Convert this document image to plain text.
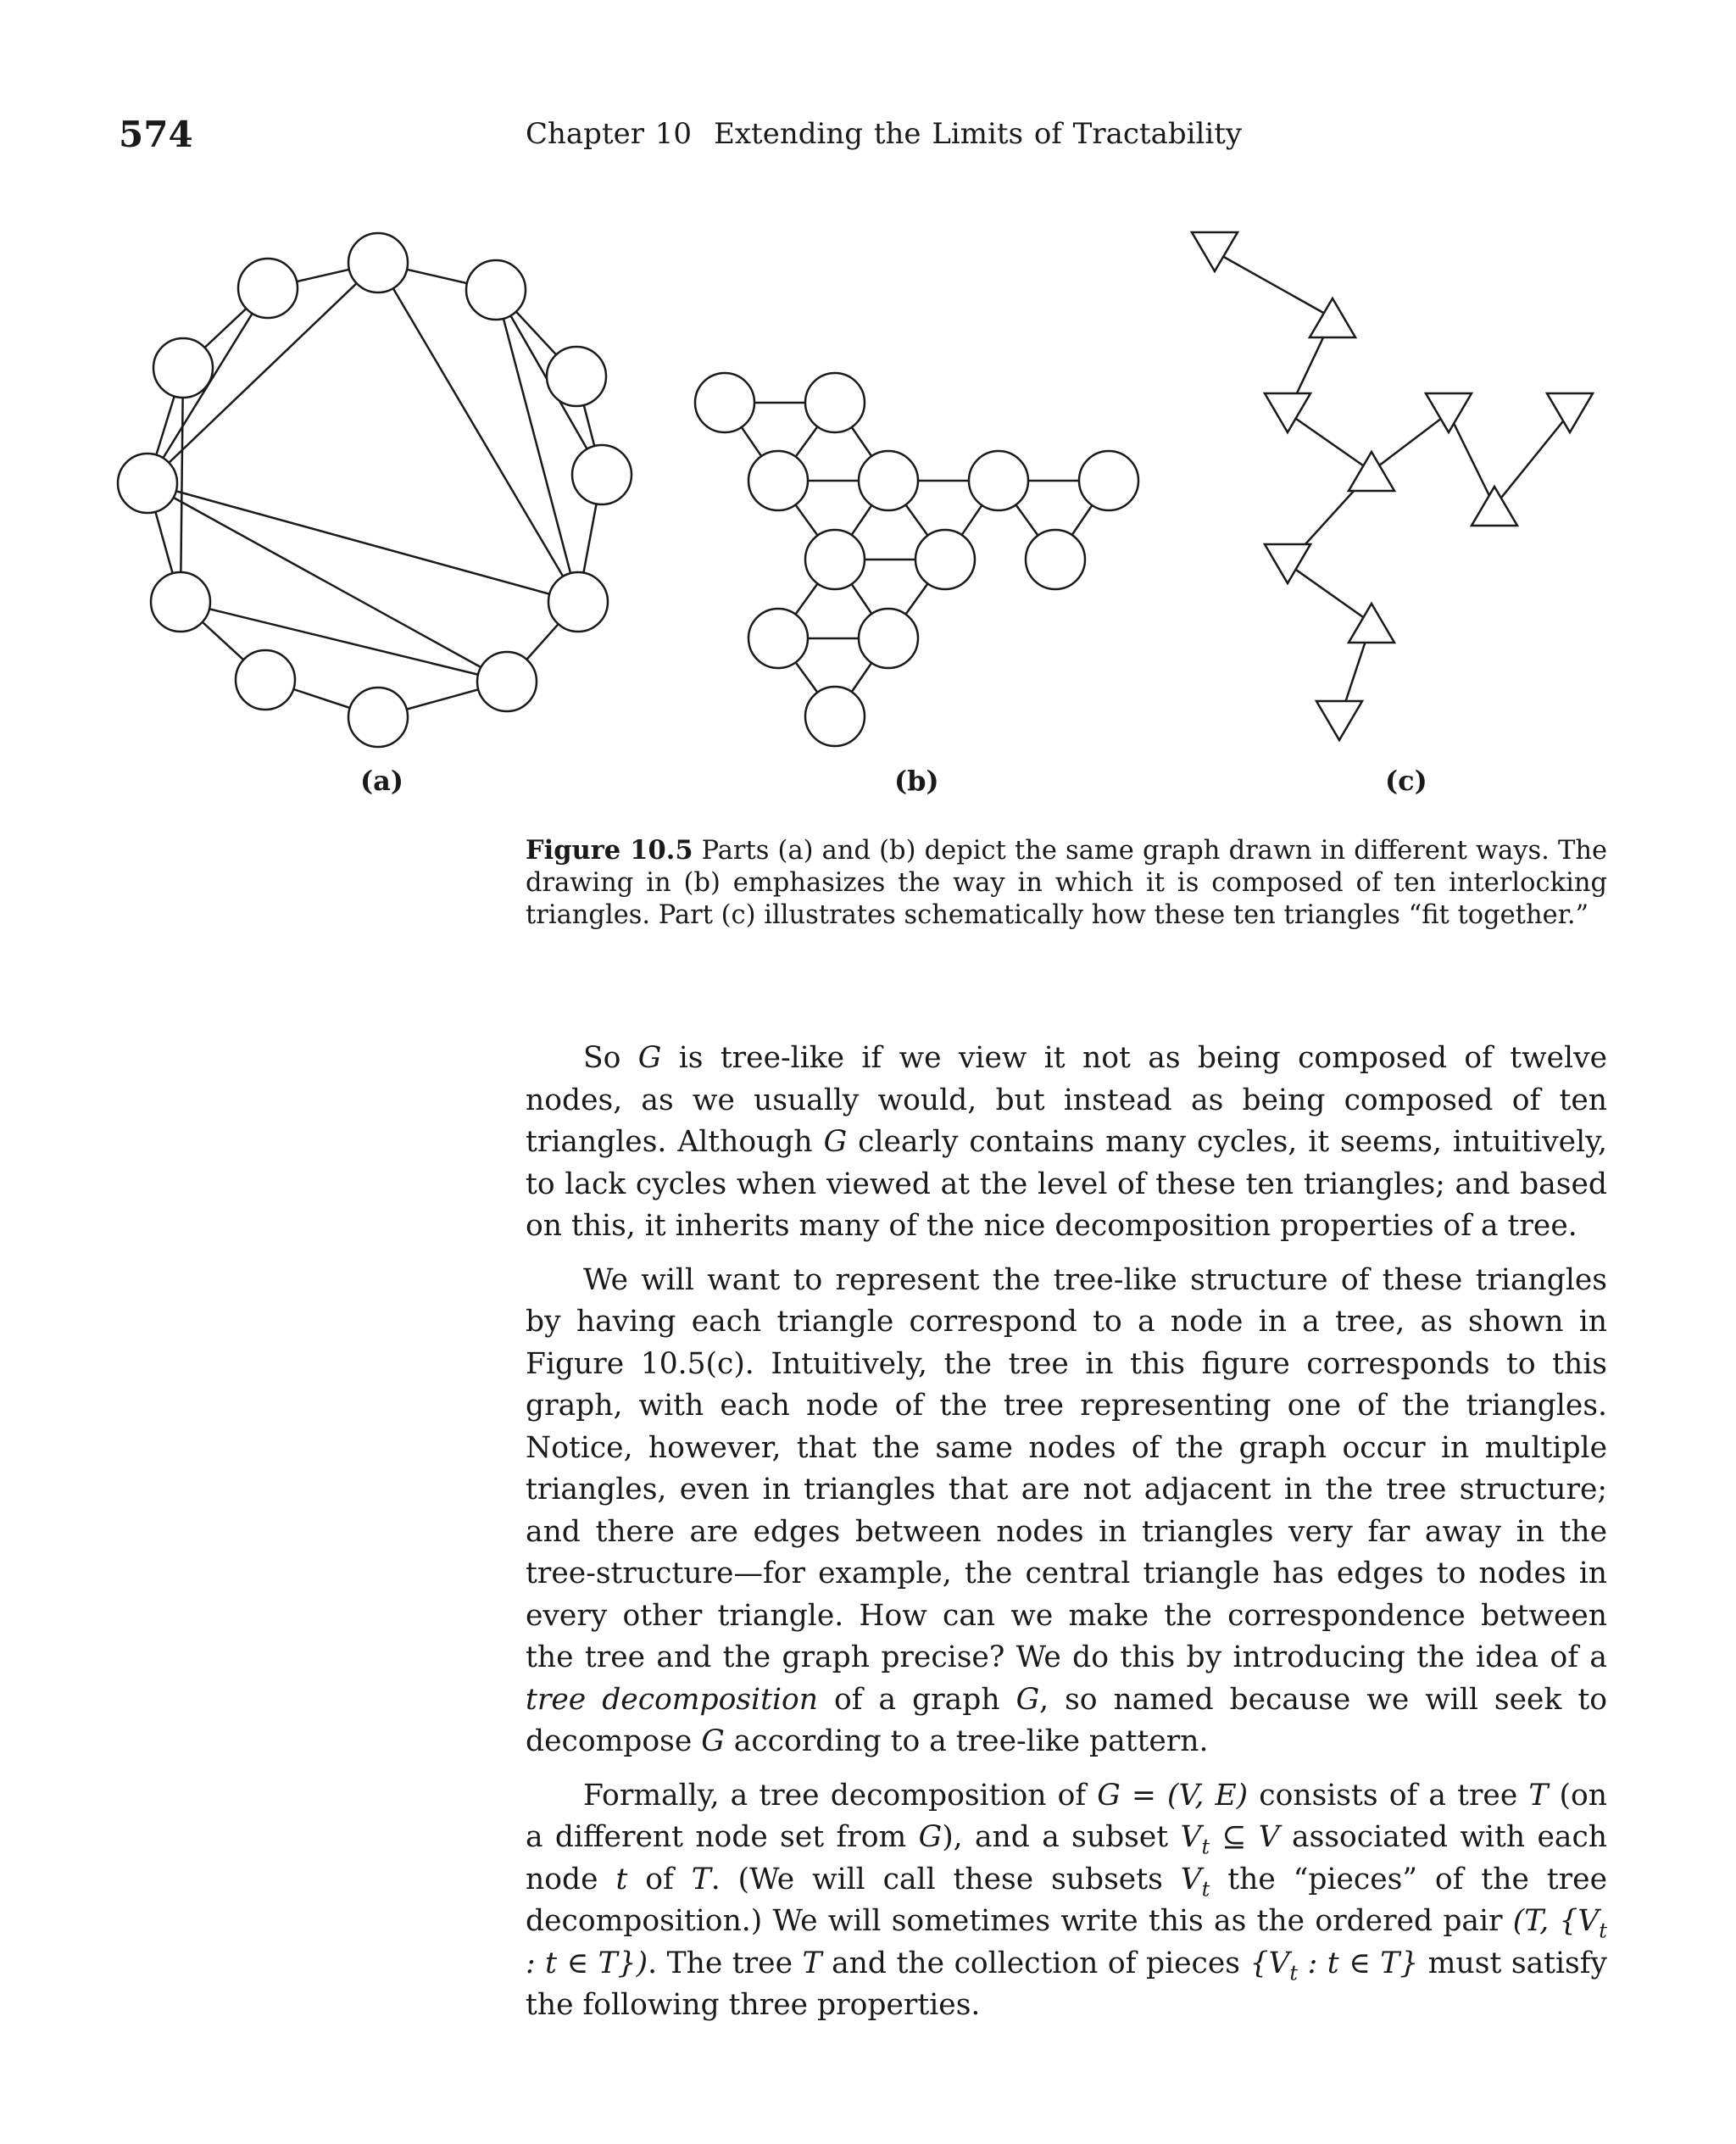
574	Chapter 10 Extending the Limits of Tractability
(a)	(b)	(c)
Figure 10.5 Parts (a) and (b) depict the same graph drawn in different ways. The drawing in (b) emphasizes the way in which it is composed of ten interlocking triangles. Part (c) illustrates schematically how these ten triangles “fit together.”

So G is tree-like if we view it not as being composed of twelve nodes, as we usually would, but instead as being composed of ten triangles. Although G clearly contains many cycles, it seems, intuitively, to lack cycles when viewed at the level of these ten triangles; and based on this, it inherits many of the nice decomposition properties of a tree.

We will want to represent the tree-like structure of these triangles by having each triangle correspond to a node in a tree, as shown in Figure 10.5(c). Intuitively, the tree in this figure corresponds to this graph, with each node of the tree representing one of the triangles. Notice, however, that the same nodes of the graph occur in multiple triangles, even in triangles that are not adjacent in the tree structure; and there are edges between nodes in triangles very far away in the tree-structure—for example, the central triangle has edges to nodes in every other triangle. How can we make the correspondence between the tree and the graph precise? We do this by introducing the idea of a tree decomposition of a graph G, so named because we will seek to decompose G according to a tree-like pattern.

Formally, a tree decomposition of G = (V, E) consists of a tree T (on a different node set from G), and a subset $V_t$ ⊆ V associated with each node t of T. (We will call these subsets $V_t$ the “pieces” of the tree decomposition.) We will sometimes write this as the ordered pair (T, {$V_t$ : t ∈ T}). The tree T and the collection of pieces {$V_t$ : t ∈ T} must satisfy the following three properties.
